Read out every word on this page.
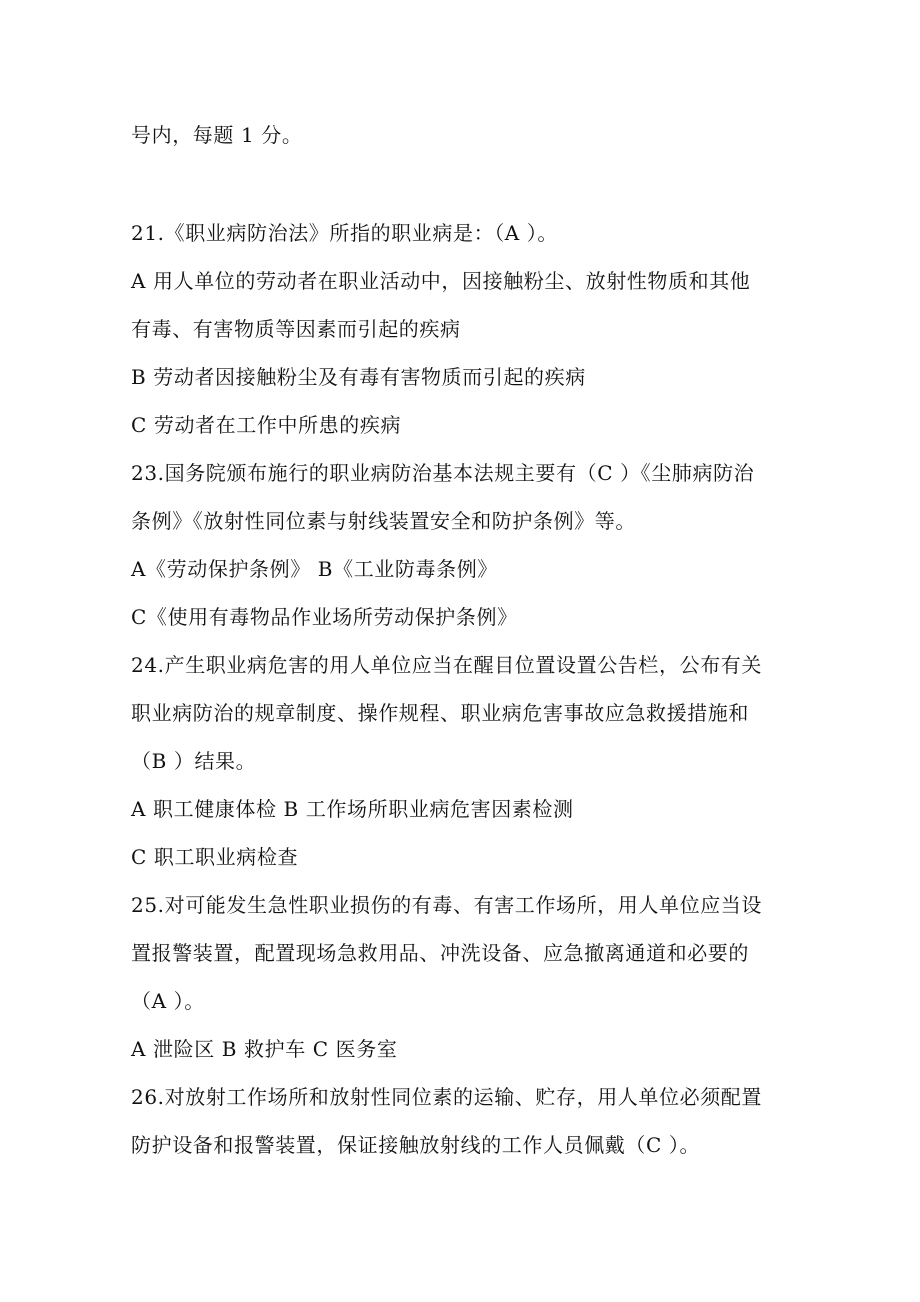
号内，每题 1 分。
21.《职业病防治法》所指的职业病是：（A ）。
A 用人单位的劳动者在职业活动中，因接触粉尘、放射性物质和其他
有毒、有害物质等因素而引起的疾病
B 劳动者因接触粉尘及有毒有害物质而引起的疾病
C 劳动者在工作中所患的疾病
23.国务院颁布施行的职业病防治基本法规主要有（C ）《尘肺病防治
条例》《放射性同位素与射线装置安全和防护条例》等。
A《劳动保护条例》 B《工业防毒条例》
C《使用有毒物品作业场所劳动保护条例》
24.产生职业病危害的用人单位应当在醒目位置设置公告栏，公布有关
职业病防治的规章制度、操作规程、职业病危害事故应急救援措施和
（B ）结果。
A 职工健康体检 B 工作场所职业病危害因素检测
C 职工职业病检查
25.对可能发生急性职业损伤的有毒、有害工作场所，用人单位应当设
置报警装置，配置现场急救用品、冲洗设备、应急撤离通道和必要的
（A ）。
A 泄险区 B 救护车 C 医务室
26.对放射工作场所和放射性同位素的运输、贮存，用人单位必须配置
防护设备和报警装置，保证接触放射线的工作人员佩戴（C ）。
